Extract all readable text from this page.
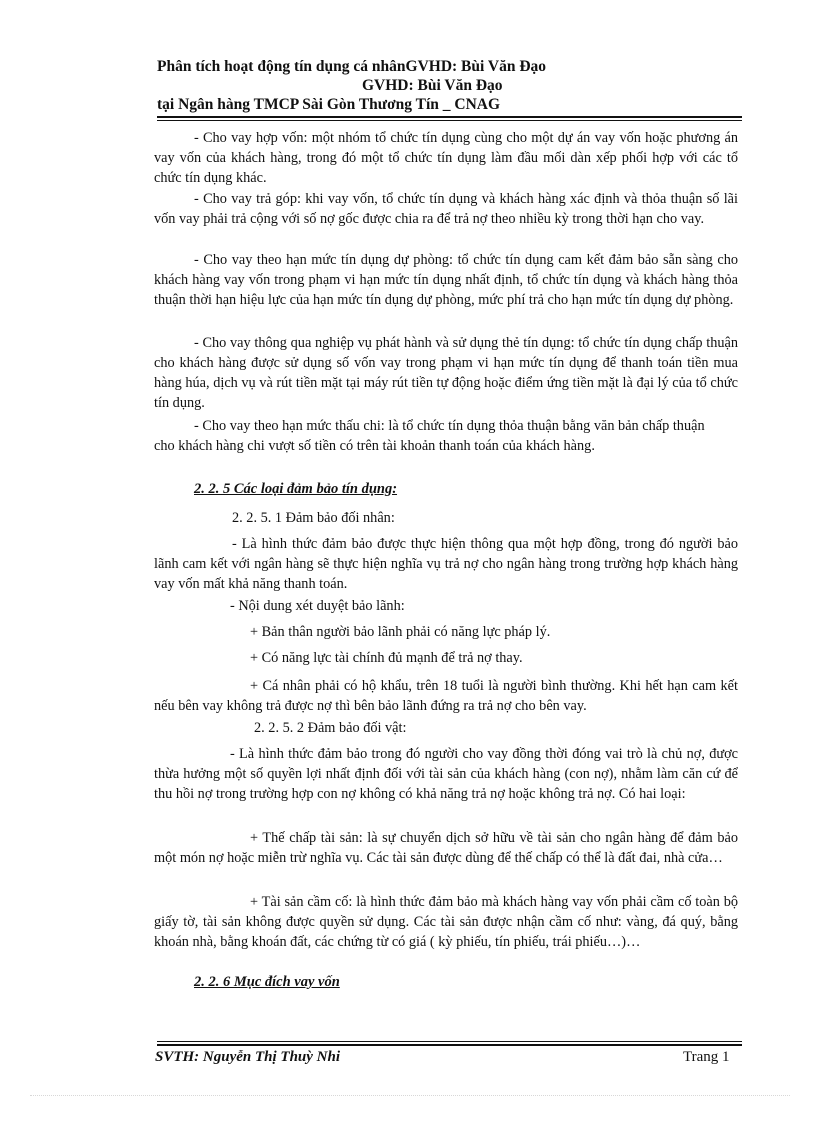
Phân tích hoạt động tín dụng cá nhânGVHD: Bùi Văn Đạo
GVHD: Bùi Văn Đạo
tại Ngân hàng TMCP Sài Gòn Thương Tín _ CNAG
- Cho vay hợp vốn: một nhóm tổ chức tín dụng cùng cho một dự án vay vốn hoặc phương án vay vốn của khách hàng, trong đó một tổ chức tín dụng làm đầu mối dàn xếp phối hợp với các tổ chức tín dụng khác.
- Cho vay trả góp: khi vay vốn, tổ chức tín dụng và khách hàng xác định và thỏa thuận số lãi vốn vay phải trả cộng với số nợ gốc được chia ra để trả nợ theo nhiều kỳ trong thời hạn cho vay.
- Cho vay theo hạn mức tín dụng dự phòng: tổ chức tín dụng cam kết đảm bảo sẵn sàng cho khách hàng vay vốn trong phạm vi hạn mức tín dụng nhất định, tổ chức tín dụng và khách hàng thỏa thuận thời hạn hiệu lực của hạn mức tín dụng dự phòng, mức phí trả cho hạn mức tín dụng dự phòng.
- Cho vay thông qua nghiệp vụ phát hành và sử dụng thẻ tín dụng: tổ chức tín dụng chấp thuận cho khách hàng được sử dụng số vốn vay trong phạm vi hạn mức tín dụng để thanh toán tiền mua hàng húa, dịch vụ và rút tiền mặt tại máy rút tiền tự động hoặc điểm ứng tiền mặt là đại lý của tổ chức tín dụng.
- Cho vay theo hạn mức thấu chi: là tổ chức tín dụng thỏa thuận bằng văn bản chấp thuận cho khách hàng chi vượt số tiền có trên tài khoản thanh toán của khách hàng.
2. 2. 5 Các loại đảm bảo tín dụng:
2. 2. 5. 1 Đảm bảo đối nhân:
- Là hình thức đảm bảo được thực hiện thông qua một hợp đồng, trong đó người bảo lãnh cam kết với ngân hàng sẽ thực hiện nghĩa vụ trả nợ cho ngân hàng trong trường hợp khách hàng vay vốn mất khả năng thanh toán.
- Nội dung xét duyệt bảo lãnh:
+ Bản thân người bảo lãnh phải có năng lực pháp lý.
+ Có năng lực tài chính đủ mạnh để trả nợ thay.
+ Cá nhân phải có hộ khẩu, trên 18 tuổi là người bình thường. Khi hết hạn cam kết nếu bên vay không trả được nợ thì bên bảo lãnh đứng ra trả nợ cho bên vay.
2. 2. 5. 2 Đảm bảo đối vật:
- Là hình thức đảm bảo trong đó người cho vay đồng thời đóng vai trò là chủ nợ, được thừa hưởng một số quyền lợi nhất định đối với tài sản của khách hàng (con nợ), nhằm làm căn cứ để thu hồi nợ trong trường hợp con nợ không có khả năng trả nợ hoặc không trả nợ. Có hai loại:
+ Thế chấp tài sản: là sự chuyển dịch sở hữu về tài sản cho ngân hàng để đảm bảo một món nợ hoặc miễn trừ nghĩa vụ. Các tài sản được dùng để thế chấp có thể là đất đai, nhà cửa…
+ Tài sản cầm cố: là hình thức đảm bảo mà khách hàng vay vốn phải cầm cố toàn bộ giấy tờ, tài sản không được quyền sử dụng. Các tài sản được nhận cầm cố như: vàng, đá quý, bằng khoán nhà, bằng khoán đất, các chứng từ có giá ( kỳ phiếu, tín phiếu, trái phiếu…)…
2. 2. 6 Mục đích vay vốn
SVTH: Nguyễn Thị Thuỳ Nhi	Trang 1
